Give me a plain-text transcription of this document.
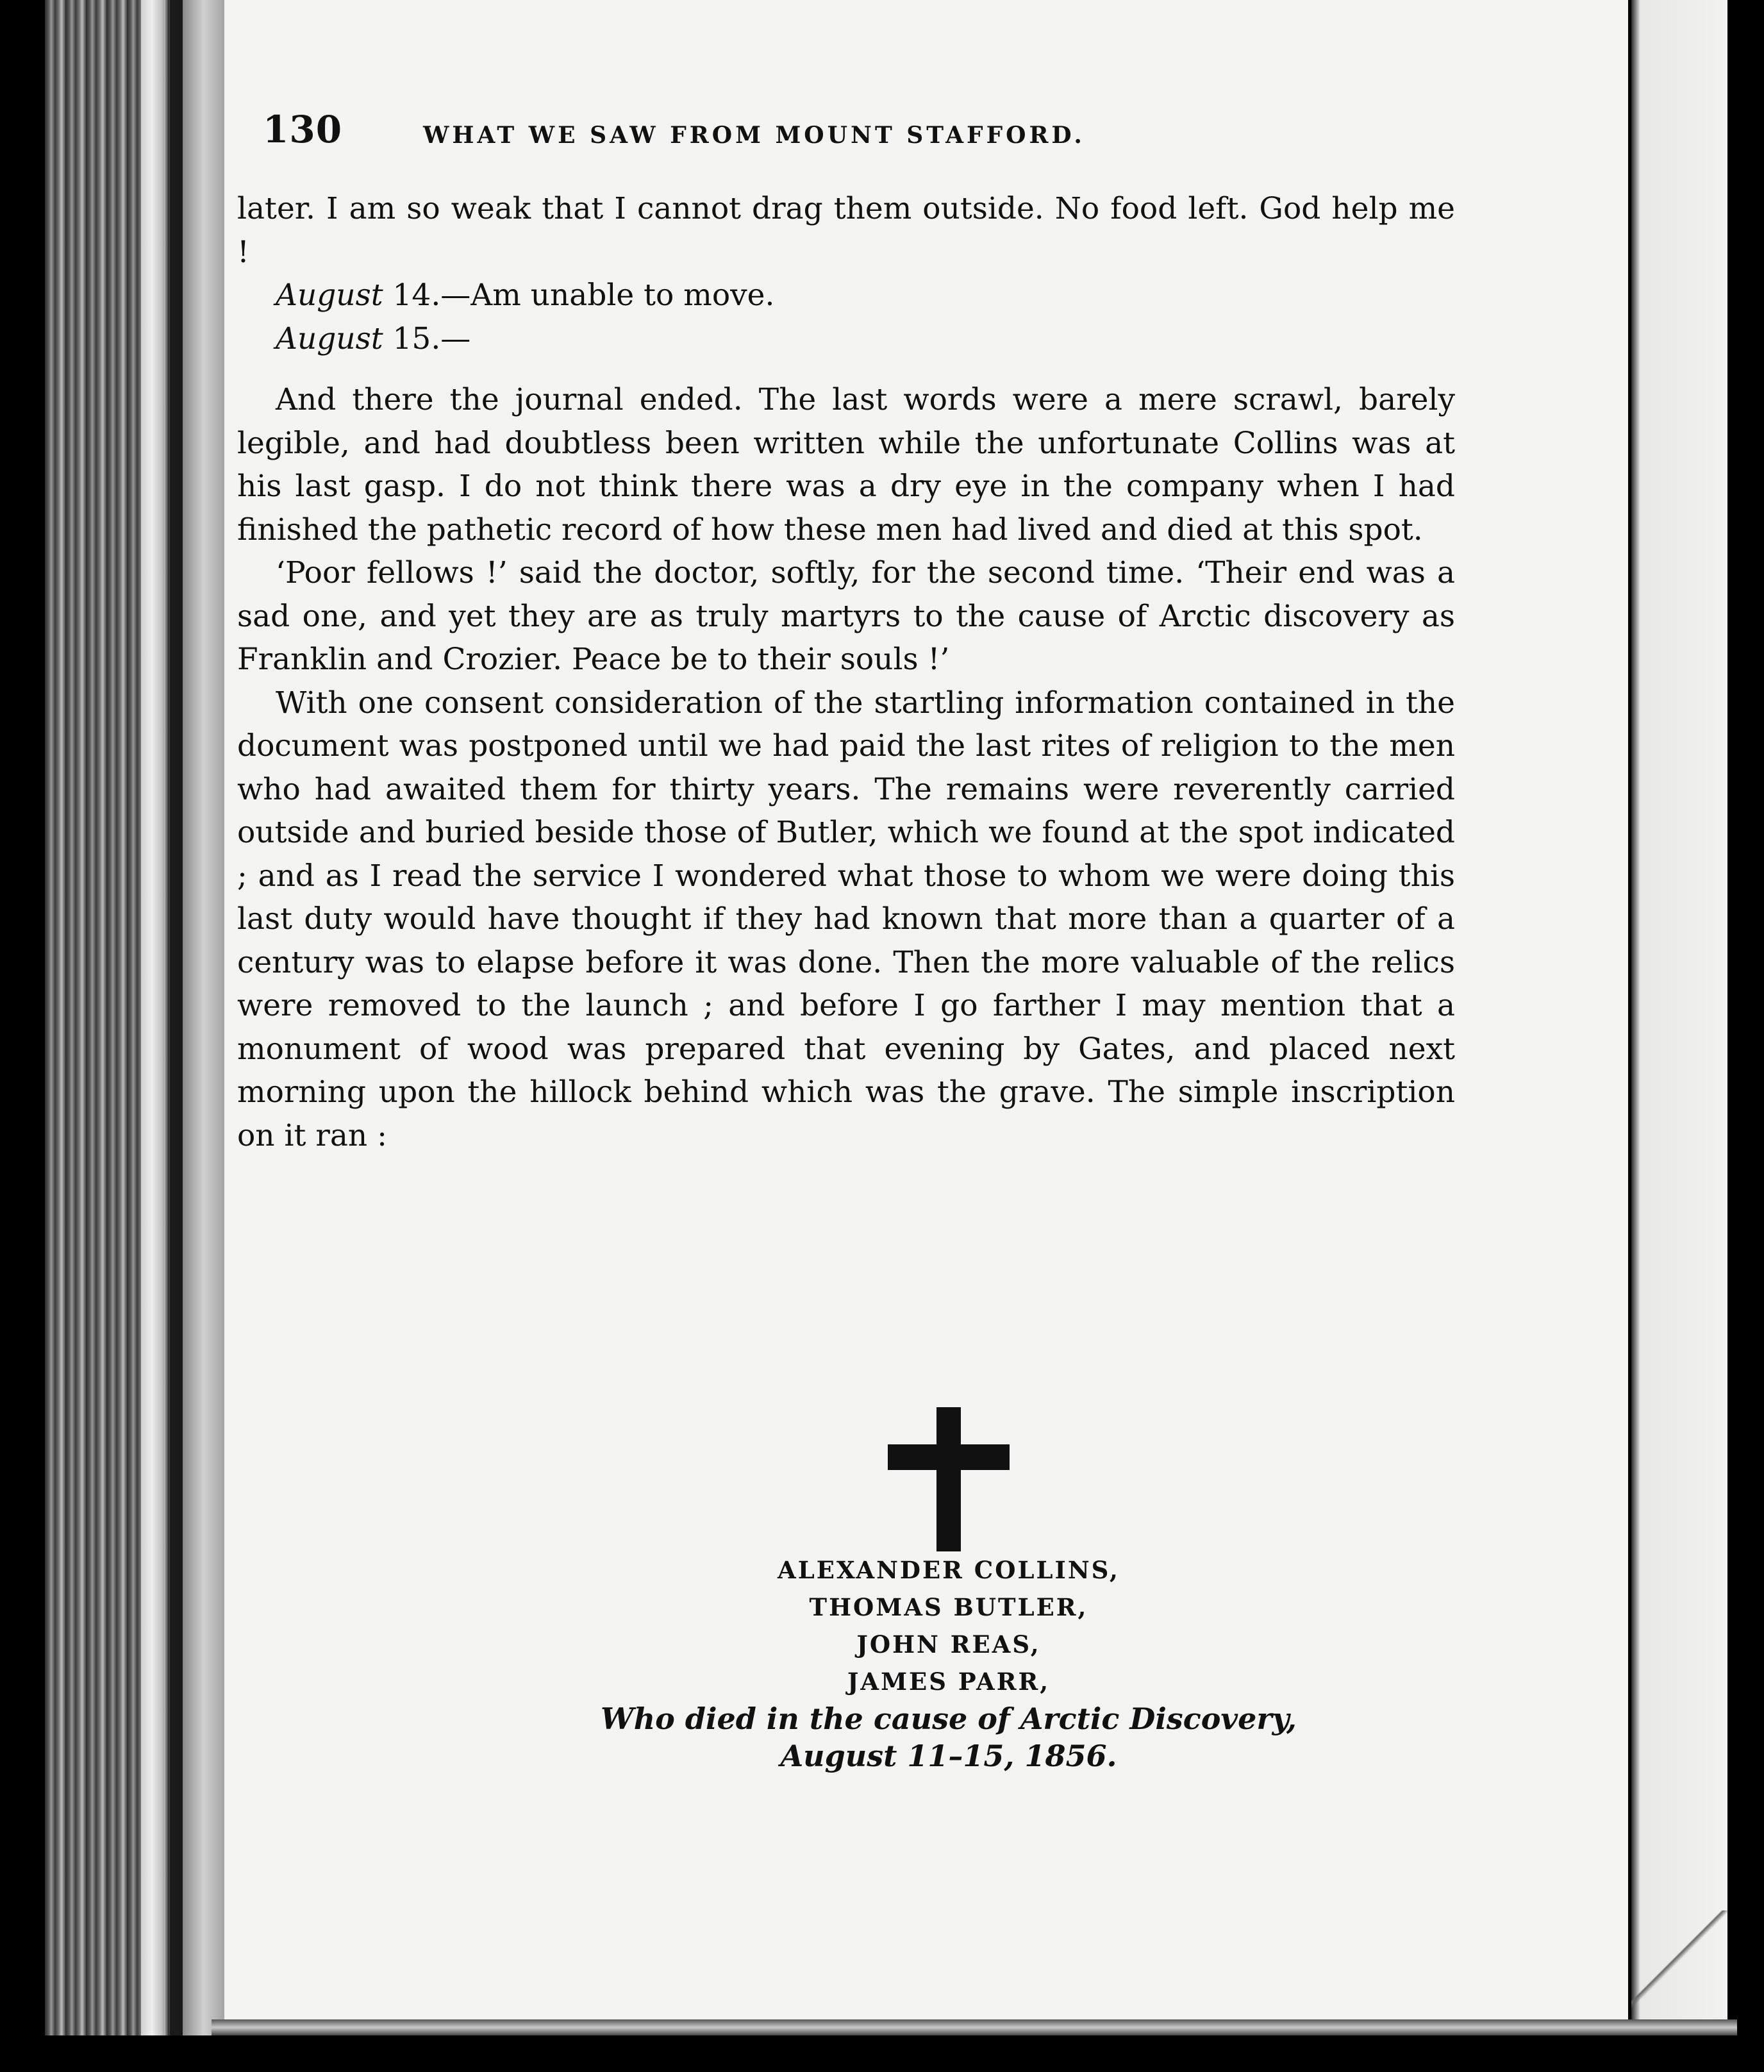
130	WHAT WE SAW FROM MOUNT STAFFORD.

later. I am so weak that I cannot drag them outside. No food left. God help me !

August 14.—Am unable to move.

August 15.—

And there the journal ended. The last words were a mere scrawl, barely legible, and had doubtless been written while the unfortunate Collins was at his last gasp. I do not think there was a dry eye in the company when I had finished the pathetic record of how these men had lived and died at this spot.

‘Poor fellows !’ said the doctor, softly, for the second time. ‘Their end was a sad one, and yet they are as truly martyrs to the cause of Arctic discovery as Franklin and Crozier. Peace be to their souls !’

With one consent consideration of the startling information contained in the document was postponed until we had paid the last rites of religion to the men who had awaited them for thirty years. The remains were reverently carried outside and buried beside those of Butler, which we found at the spot indicated ; and as I read the service I wondered what those to whom we were doing this last duty would have thought if they had known that more than a quarter of a century was to elapse before it was done. Then the more valuable of the relics were removed to the launch ; and before I go farther I may mention that a monument of wood was prepared that evening by Gates, and placed next morning upon the hillock behind which was the grave. The simple inscription on it ran :

ALEXANDER COLLINS,
THOMAS BUTLER,
JOHN REAS,
JAMES PARR,
Who died in the cause of Arctic Discovery,
August 11–15, 1856.
